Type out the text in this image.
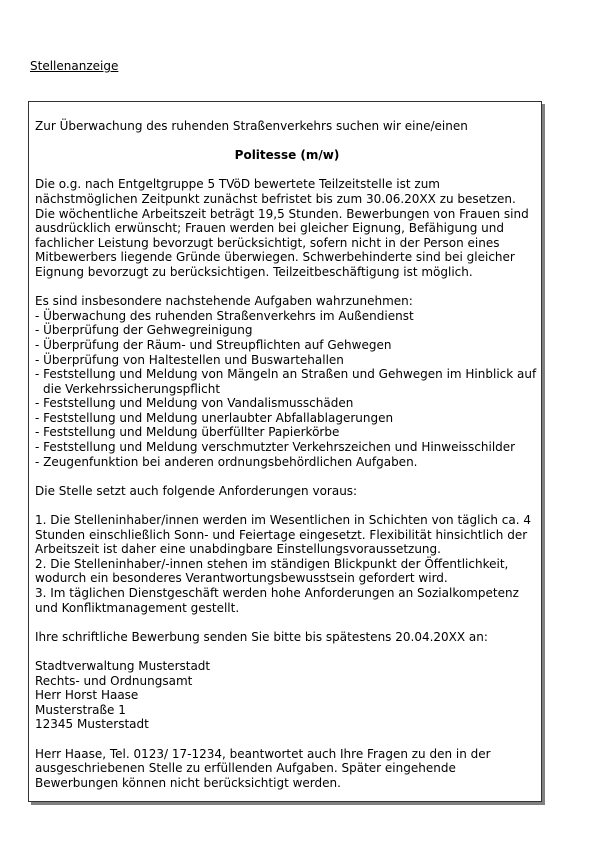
Stellenanzeige

Zur Überwachung des ruhenden Straßenverkehrs suchen wir eine/einen

Politesse (m/w)

Die o.g. nach Entgeltgruppe 5 TVöD bewertete Teilzeitstelle ist zum nächstmöglichen Zeitpunkt zunächst befristet bis zum 30.06.20XX zu besetzen. Die wöchentliche Arbeitszeit beträgt 19,5 Stunden. Bewerbungen von Frauen sind ausdrücklich erwünscht; Frauen werden bei gleicher Eignung, Befähigung und fachlicher Leistung bevorzugt berücksichtigt, sofern nicht in der Person eines Mitbewerbers liegende Gründe überwiegen. Schwerbehinderte sind bei gleicher Eignung bevorzugt zu berücksichtigen. Teilzeitbeschäftigung ist möglich.

Es sind insbesondere nachstehende Aufgaben wahrzunehmen:

- Überwachung des ruhenden Straßenverkehrs im Außendienst

- Überprüfung der Gehwegreinigung

- Überprüfung der Räum- und Streupflichten auf Gehwegen

- Überprüfung von Haltestellen und Buswartehallen

- Feststellung und Meldung von Mängeln an Straßen und Gehwegen im Hinblick auf die Verkehrssicherungspflicht

- Feststellung und Meldung von Vandalismusschäden

- Feststellung und Meldung unerlaubter Abfallablagerungen

- Feststellung und Meldung überfüllter Papierkörbe

- Feststellung und Meldung verschmutzter Verkehrszeichen und Hinweisschilder

- Zeugenfunktion bei anderen ordnungsbehördlichen Aufgaben.

Die Stelle setzt auch folgende Anforderungen voraus:

1. Die Stelleninhaber/innen werden im Wesentlichen in Schichten von täglich ca. 4 Stunden einschließlich Sonn- und Feiertage eingesetzt. Flexibilität hinsichtlich der Arbeitszeit ist daher eine unabdingbare Einstellungsvoraussetzung.

2. Die Stelleninhaber/-innen stehen im ständigen Blickpunkt der Öffentlichkeit, wodurch ein besonderes Verantwortungsbewusstsein gefordert wird.

3. Im täglichen Dienstgeschäft werden hohe Anforderungen an Sozialkompetenz und Konfliktmanagement gestellt.

Ihre schriftliche Bewerbung senden Sie bitte bis spätestens 20.04.20XX an:

Stadtverwaltung Musterstadt

Rechts- und Ordnungsamt

Herr Horst Haase

Musterstraße 1

12345 Musterstadt

Herr Haase, Tel. 0123/ 17-1234, beantwortet auch Ihre Fragen zu den in der ausgeschriebenen Stelle zu erfüllenden Aufgaben. Später eingehende Bewerbungen können nicht berücksichtigt werden.
